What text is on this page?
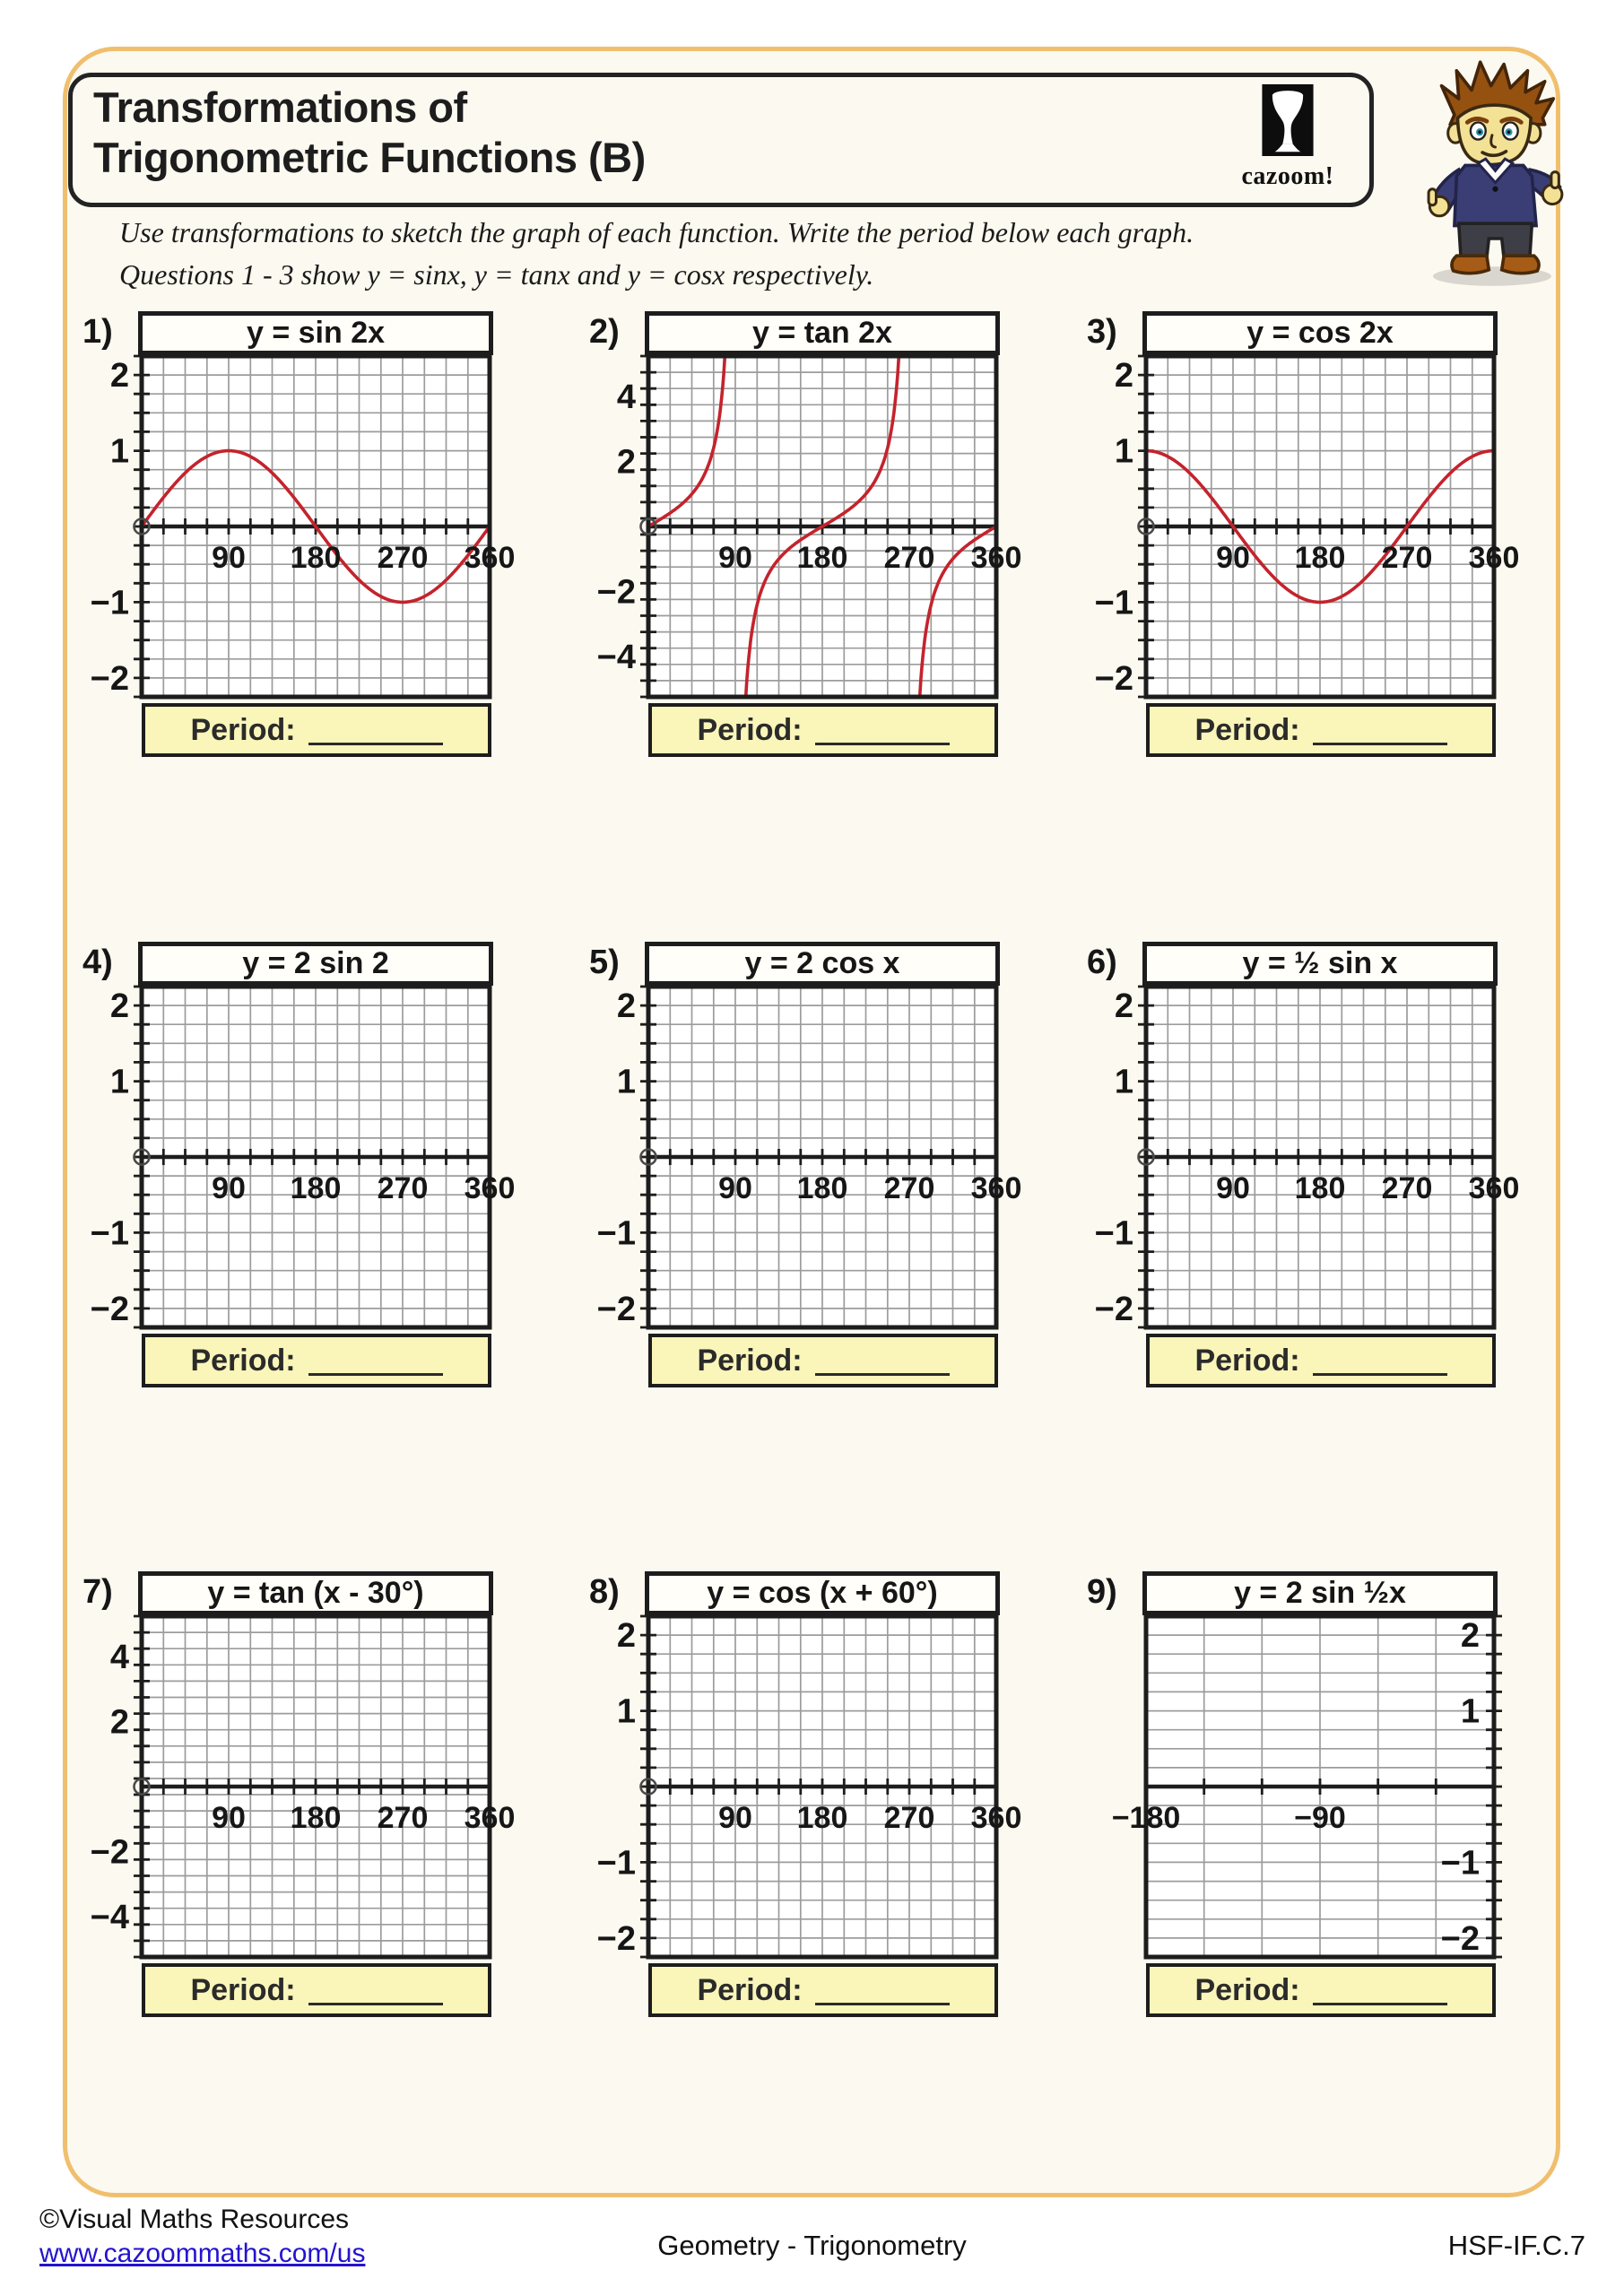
Transformations of
Trigonometric Functions (B)	cazoom!
Use transformations to sketch the graph of each function. Write the period below each graph.
Questions 1 - 3 show y = sinx, y = tanx and y = cosx respectively.
1)	y = sin 2x
90 180 270 360
2
1
−1
−2
Period:
2)	y = tan 2x
90 180 270 360
4
2
−2
−4
Period:
3)	y = cos 2x
90 180 270 360
2
1
−1
−2
Period:
4)	y = 2 sin 2
90 180 270 360
2
1
−1
−2
Period:
5)	y = 2 cos x
90 180 270 360
2
1
−1
−2
Period:
6)	y = ½ sin x
90 180 270 360
2
1
−1
−2
Period:
7)	y = tan (x - 30°)
90 180 270 360
4
2
−2
−4
Period:
8)	y = cos (x + 60°)
90 180 270 360
2
1
−1
−2
Period:
9)	y = 2 sin ½x
−180	−90
2
1
−1
−2
Period:
©Visual Maths Resources
www.cazoommaths.com/us	Geometry - Trigonometry	HSF-IF.C.7
